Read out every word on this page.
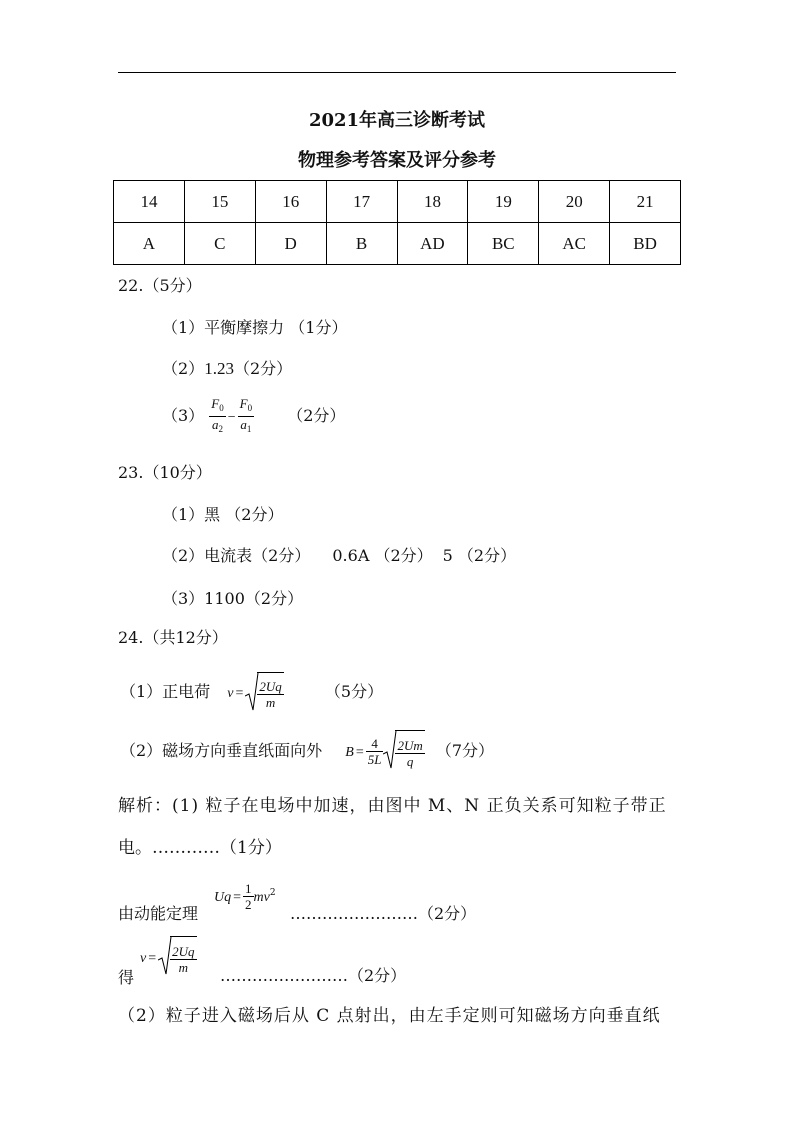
2021年高三诊断考试
物理参考答案及评分参考
14	15	16	17	18	19	20	21
A	C	D	B	AD	BC	AC	BD
22.（5分）
（1）平衡摩擦力 （1分）
（2）1.23（2分）
$(3) \frac{F_0}{a_2} - \frac{F_0}{a_1} (2$分）
23.（10分）
（1）黑 （2分）
（2）电流表（2分） 0.6A （2分） 5 （2分）
（3）1100（2分）
24.（共12分）
（1）正电荷 $v = \frac{2Uq}{m}$	（5分）
（2）磁场方向垂直纸面向外 $B = \frac{4}{5L} \frac{2Um}{q} (7$分）
解析：(1) 粒子在电场中加速，由图中 M、N 正负关系可知粒子带正
电。…………（1分）
$Uq = \frac{1}{2} mv^2$
由动能定理	……………………（2分）
$v = \frac{2Uq}{m}$
得	……………………（2分）
（2）粒子进入磁场后从 C 点射出，由左手定则可知磁场方向垂直纸
